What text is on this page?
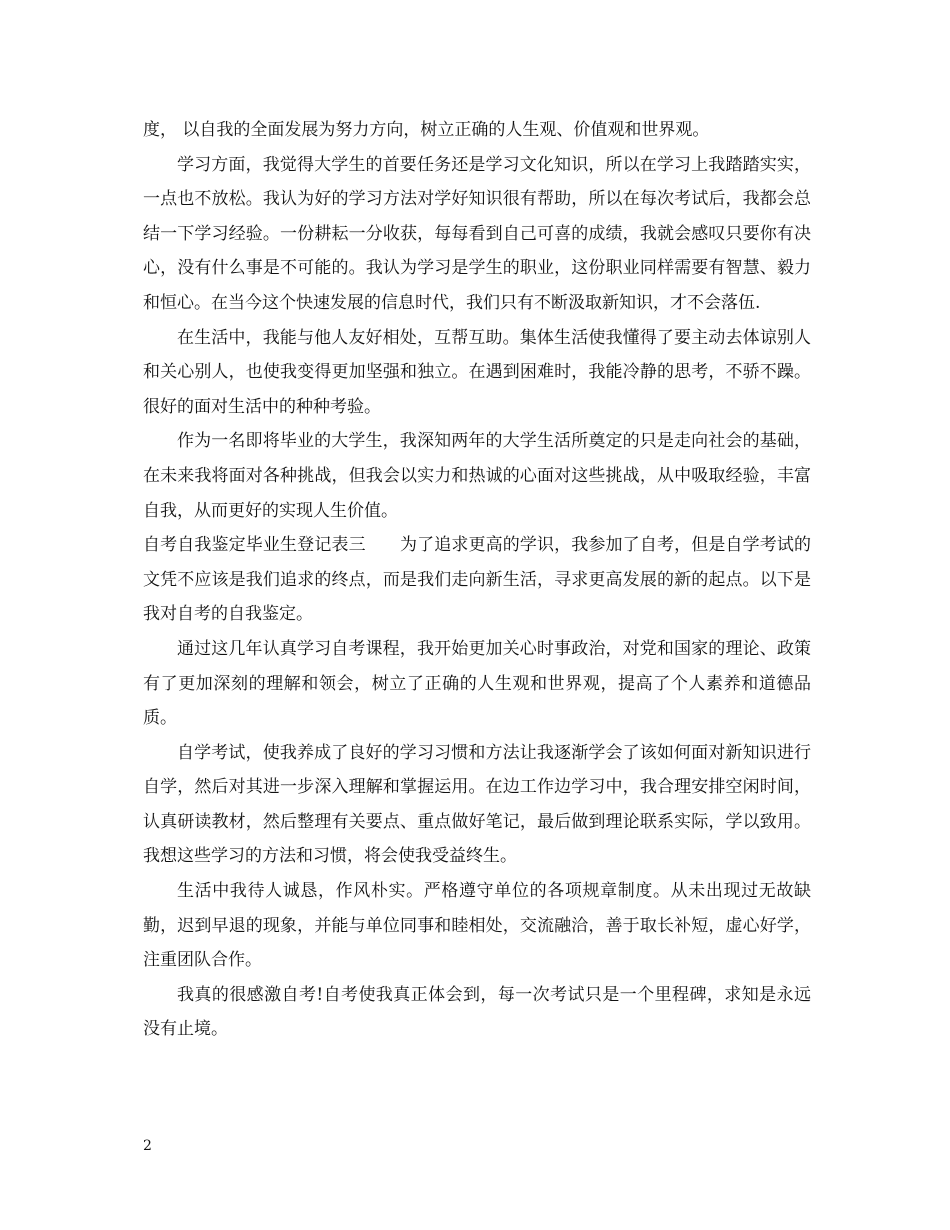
度， 以自我的全面发展为努力方向，树立正确的人生观、价值观和世界观。

学习方面，我觉得大学生的首要任务还是学习文化知识，所以在学习上我踏踏实实，一点也不放松。我认为好的学习方法对学好知识很有帮助，所以在每次考试后，我都会总结一下学习经验。一份耕耘一分收获，每每看到自己可喜的成绩，我就会感叹只要你有决心，没有什么事是不可能的。我认为学习是学生的职业，这份职业同样需要有智慧、毅力和恒心。在当今这个快速发展的信息时代，我们只有不断汲取新知识，才不会落伍.

在生活中，我能与他人友好相处，互帮互助。集体生活使我懂得了要主动去体谅别人和关心别人，也使我变得更加坚强和独立。在遇到困难时，我能冷静的思考，不骄不躁。很好的面对生活中的种种考验。

作为一名即将毕业的大学生，我深知两年的大学生活所奠定的只是走向社会的基础，在未来我将面对各种挑战，但我会以实力和热诚的心面对这些挑战，从中吸取经验，丰富自我，从而更好的实现人生价值。

自考自我鉴定毕业生登记表三　　为了追求更高的学识，我参加了自考，但是自学考试的文凭不应该是我们追求的终点，而是我们走向新生活，寻求更高发展的新的起点。以下是我对自考的自我鉴定。

通过这几年认真学习自考课程，我开始更加关心时事政治，对党和国家的理论、政策有了更加深刻的理解和领会，树立了正确的人生观和世界观，提高了个人素养和道德品质。

自学考试，使我养成了良好的学习习惯和方法让我逐渐学会了该如何面对新知识进行自学，然后对其进一步深入理解和掌握运用。在边工作边学习中，我合理安排空闲时间，认真研读教材，然后整理有关要点、重点做好笔记，最后做到理论联系实际，学以致用。我想这些学习的方法和习惯，将会使我受益终生。

生活中我待人诚恳，作风朴实。严格遵守单位的各项规章制度。从未出现过无故缺勤，迟到早退的现象，并能与单位同事和睦相处，交流融洽，善于取长补短，虚心好学，注重团队合作。

我真的很感激自考!自考使我真正体会到，每一次考试只是一个里程碑，求知是永远没有止境。

2
